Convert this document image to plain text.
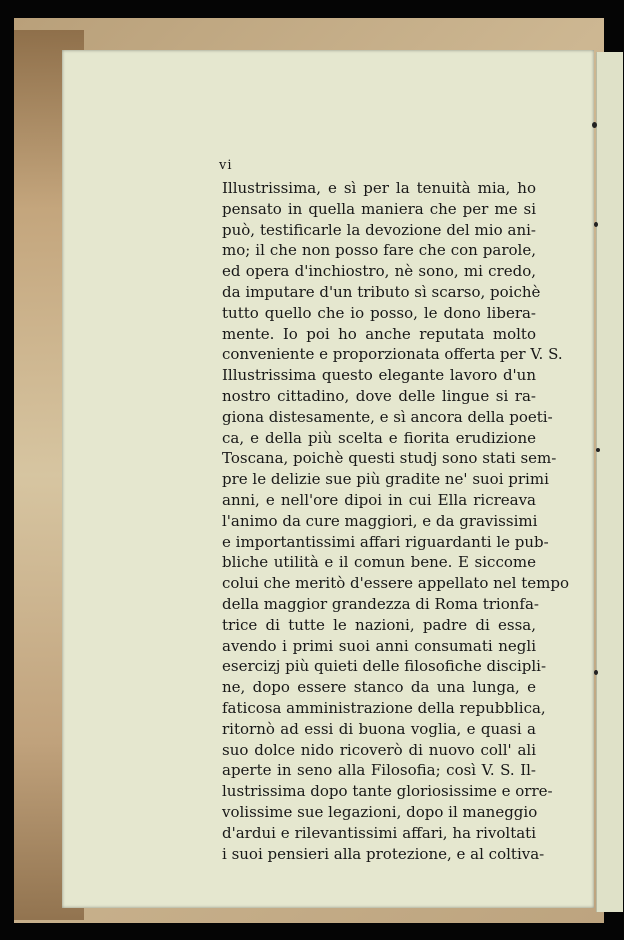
Illustrissima, e sì per la tenuità mia, ho
pensato in quella maniera che per me si
può, testificarle la devozione del mio ani-
mo; il che non posso fare che con parole,
ed opera d'inchiostro, nè sono, mi credo,
da imputare d'un tributo sì scarso, poichè
tutto quello che io posso, le dono libera-
mente. Io poi ho anche reputata molto
conveniente e proporzionata offerta per V. S.
Illustrissima questo elegante lavoro d'un
nostro cittadino, dove delle lingue si ra-
giona distesamente, e sì ancora della poeti-
ca, e della più scelta e fiorita erudizione
Toscana, poichè questi studj sono stati sem-
pre le delizie sue più gradite ne' suoi primi
anni, e nell'ore dipoi in cui Ella ricreava
l'animo da cure maggiori, e da gravissimi
e importantissimi affari riguardanti le pub-
bliche utilità e il comun bene. E siccome
colui che meritò d'essere appellato nel tempo
della maggior grandezza di Roma trionfa-
trice di tutte le nazioni, padre di essa,
avendo i primi suoi anni consumati negli
esercizj più quieti delle filosofiche discipli-
ne, dopo essere stanco da una lunga, e
faticosa amministrazione della repubblica,
ritornò ad essi di buona voglia, e quasi a
suo dolce nido ricoverò di nuovo coll' ali
aperte in seno alla Filosofia; così V. S. Il-
lustrissima dopo tante gloriosissime e orre-
volissime sue legazioni, dopo il maneggio
d'ardui e rilevantissimi affari, ha rivoltati
i suoi pensieri alla protezione, e al coltiva-
vi
